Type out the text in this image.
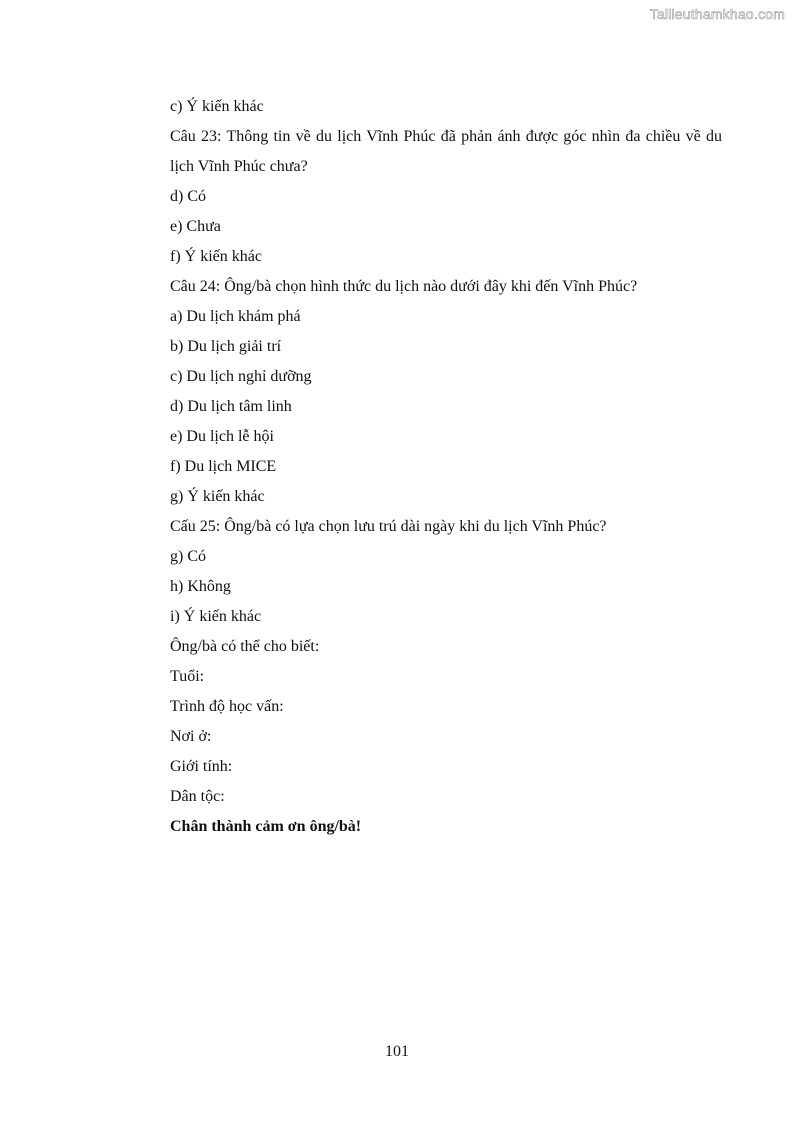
Tailieuthamkhao.com
c) Ý kiến khác
Câu 23: Thông tin về du lịch Vĩnh Phúc đã phản ánh được góc nhìn đa chiều về du lịch Vĩnh Phúc chưa?
d) Có
e) Chưa
f) Ý kiến khác
Câu 24: Ông/bà chọn hình thức du lịch nào dưới đây khi đến Vĩnh Phúc?
a) Du lịch khám phá
b) Du lịch giải trí
c) Du lịch nghỉ dưỡng
d) Du lịch tâm linh
e) Du lịch lễ hội
f) Du lịch MICE
g) Ý kiến khác
Cấu 25: Ông/bà có lựa chọn lưu trú dài ngày khi du lịch Vĩnh Phúc?
g) Có
h) Không
i) Ý kiến khác
Ông/bà có thể cho biết:
Tuổi:
Trình độ học vấn:
Nơi ở:
Giới tính:
Dân tộc:
Chân thành cảm ơn ông/bà!
101
